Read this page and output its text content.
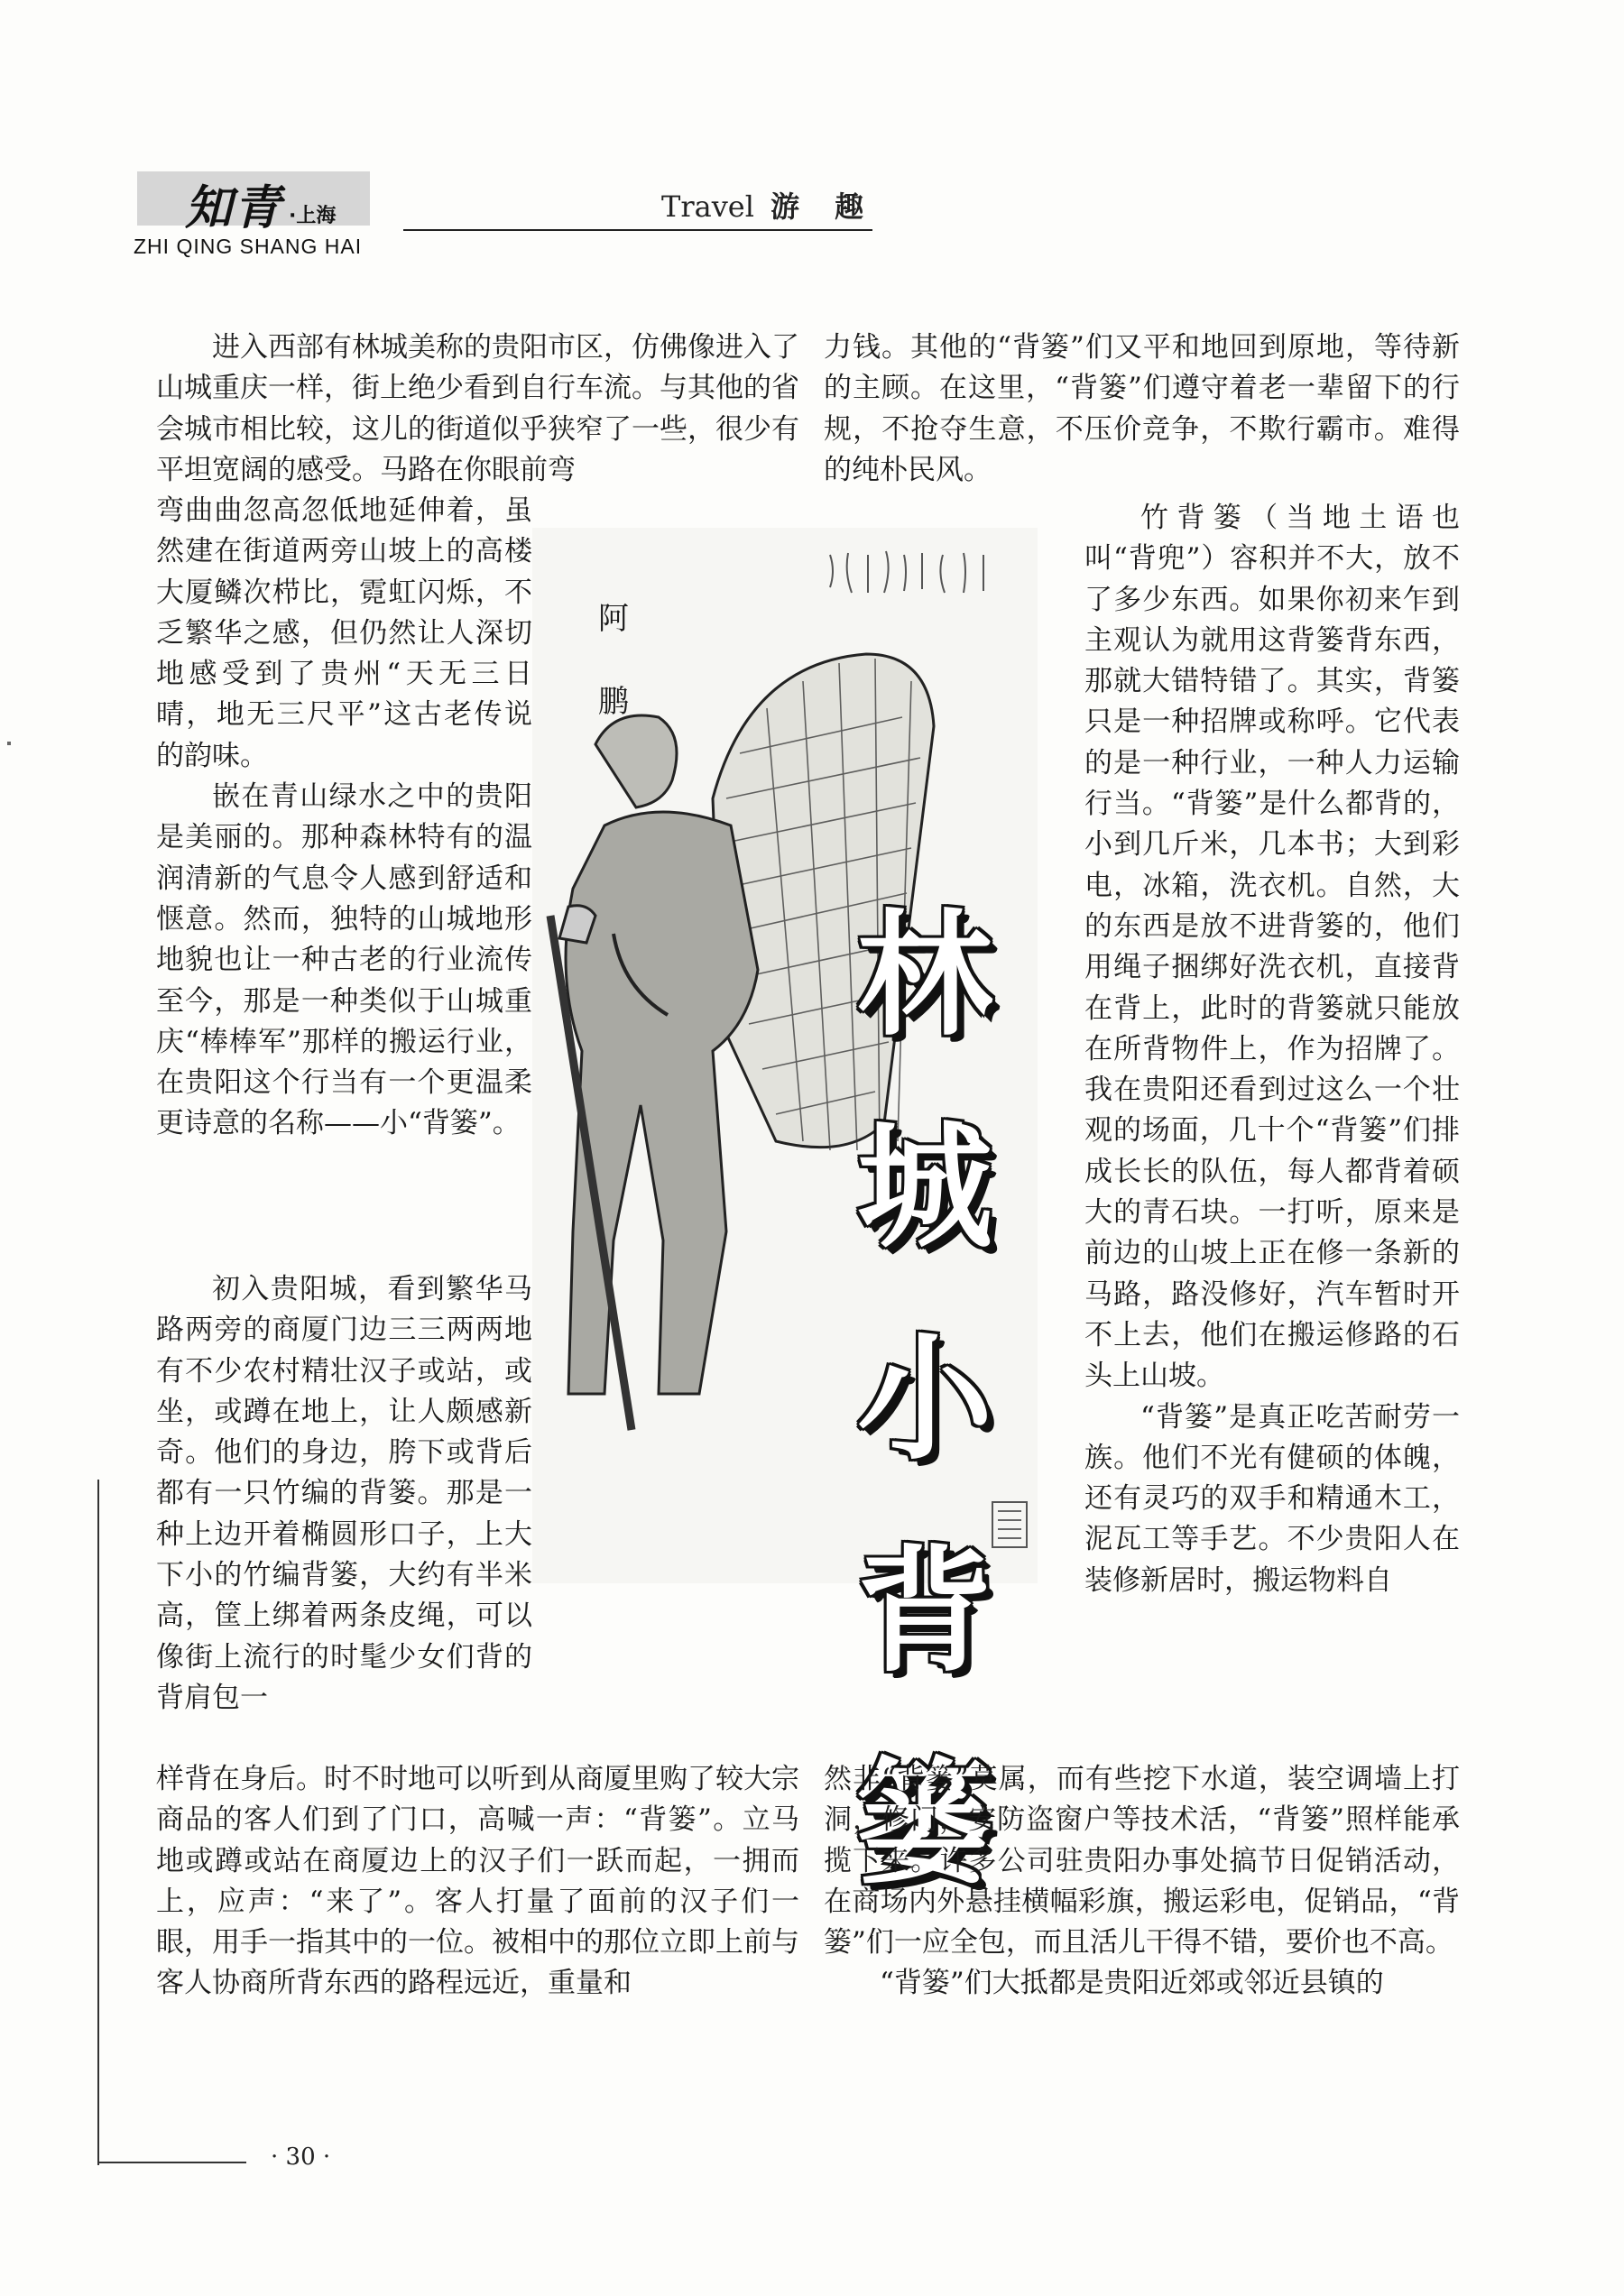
知青 ·上海
ZHI QING SHANG HAI
Travel 游 趣
阿
鹏
林
城
小
背
篓

进入西部有林城美称的贵阳市区，仿佛像进入了山城重庆一样，街上绝少看到自行车流。与其他的省会城市相比较，这儿的街道似乎狭窄了一些，很少有平坦宽阔的感受。马路在你眼前弯

弯曲曲忽高忽低地延伸着，虽然建在街道两旁山坡上的高楼大厦鳞次栉比，霓虹闪烁，不乏繁华之感，但仍然让人深切地感受到了贵州“天无三日晴，地无三尺平”这古老传说的韵味。

嵌在青山绿水之中的贵阳是美丽的。那种森林特有的温润清新的气息令人感到舒适和惬意。然而，独特的山城地形地貌也让一种古老的行业流传至今，那是一种类似于山城重庆“棒棒军”那样的搬运行业，在贵阳这个行当有一个更温柔更诗意的名称——小“背篓”。

初入贵阳城，看到繁华马路两旁的商厦门边三三两两地有不少农村精壮汉子或站，或坐，或蹲在地上，让人颇感新奇。他们的身边，胯下或背后都有一只竹编的背篓。那是一种上边开着椭圆形口子，上大下小的竹编背篓，大约有半米高，筐上绑着两条皮绳，可以像街上流行的时髦少女们背的背肩包一

样背在身后。时不时地可以听到从商厦里购了较大宗商品的客人们到了门口，高喊一声：“背篓”。立马地或蹲或站在商厦边上的汉子们一跃而起，一拥而上，应声：“来了”。客人打量了面前的汉子们一眼，用手一指其中的一位。被相中的那位立即上前与客人协商所背东西的路程远近，重量和

力钱。其他的“背篓”们又平和地回到原地，等待新的主顾。在这里，“背篓”们遵守着老一辈留下的行规，不抢夺生意，不压价竞争，不欺行霸市。难得的纯朴民风。

竹背篓（当地土语也叫“背兜”）容积并不大，放不了多少东西。如果你初来乍到主观认为就用这背篓背东西，那就大错特错了。其实，背篓只是一种招牌或称呼。它代表的是一种行业，一种人力运输行当。“背篓”是什么都背的，小到几斤米，几本书；大到彩电，冰箱，洗衣机。自然，大的东西是放不进背篓的，他们用绳子捆绑好洗衣机，直接背在背上，此时的背篓就只能放在所背物件上，作为招牌了。我在贵阳还看到过这么一个壮观的场面，几十个“背篓”们排成长长的队伍，每人都背着硕大的青石块。一打听，原来是前边的山坡上正在修一条新的马路，路没修好，汽车暂时开不上去，他们在搬运修路的石头上山坡。

“背篓”是真正吃苦耐劳一族。他们不光有健硕的体魄，还有灵巧的双手和精通木工，泥瓦工等手艺。不少贵阳人在装修新居时，搬运物料自

然非“背篓”莫属，而有些挖下水道，装空调墙上打洞，修门，安防盗窗户等技术活，“背篓”照样能承揽下来。许多公司驻贵阳办事处搞节日促销活动，在商场内外悬挂横幅彩旗，搬运彩电，促销品，“背篓”们一应全包，而且活儿干得不错，要价也不高。

“背篓”们大抵都是贵阳近郊或邻近县镇的

· 30 ·
